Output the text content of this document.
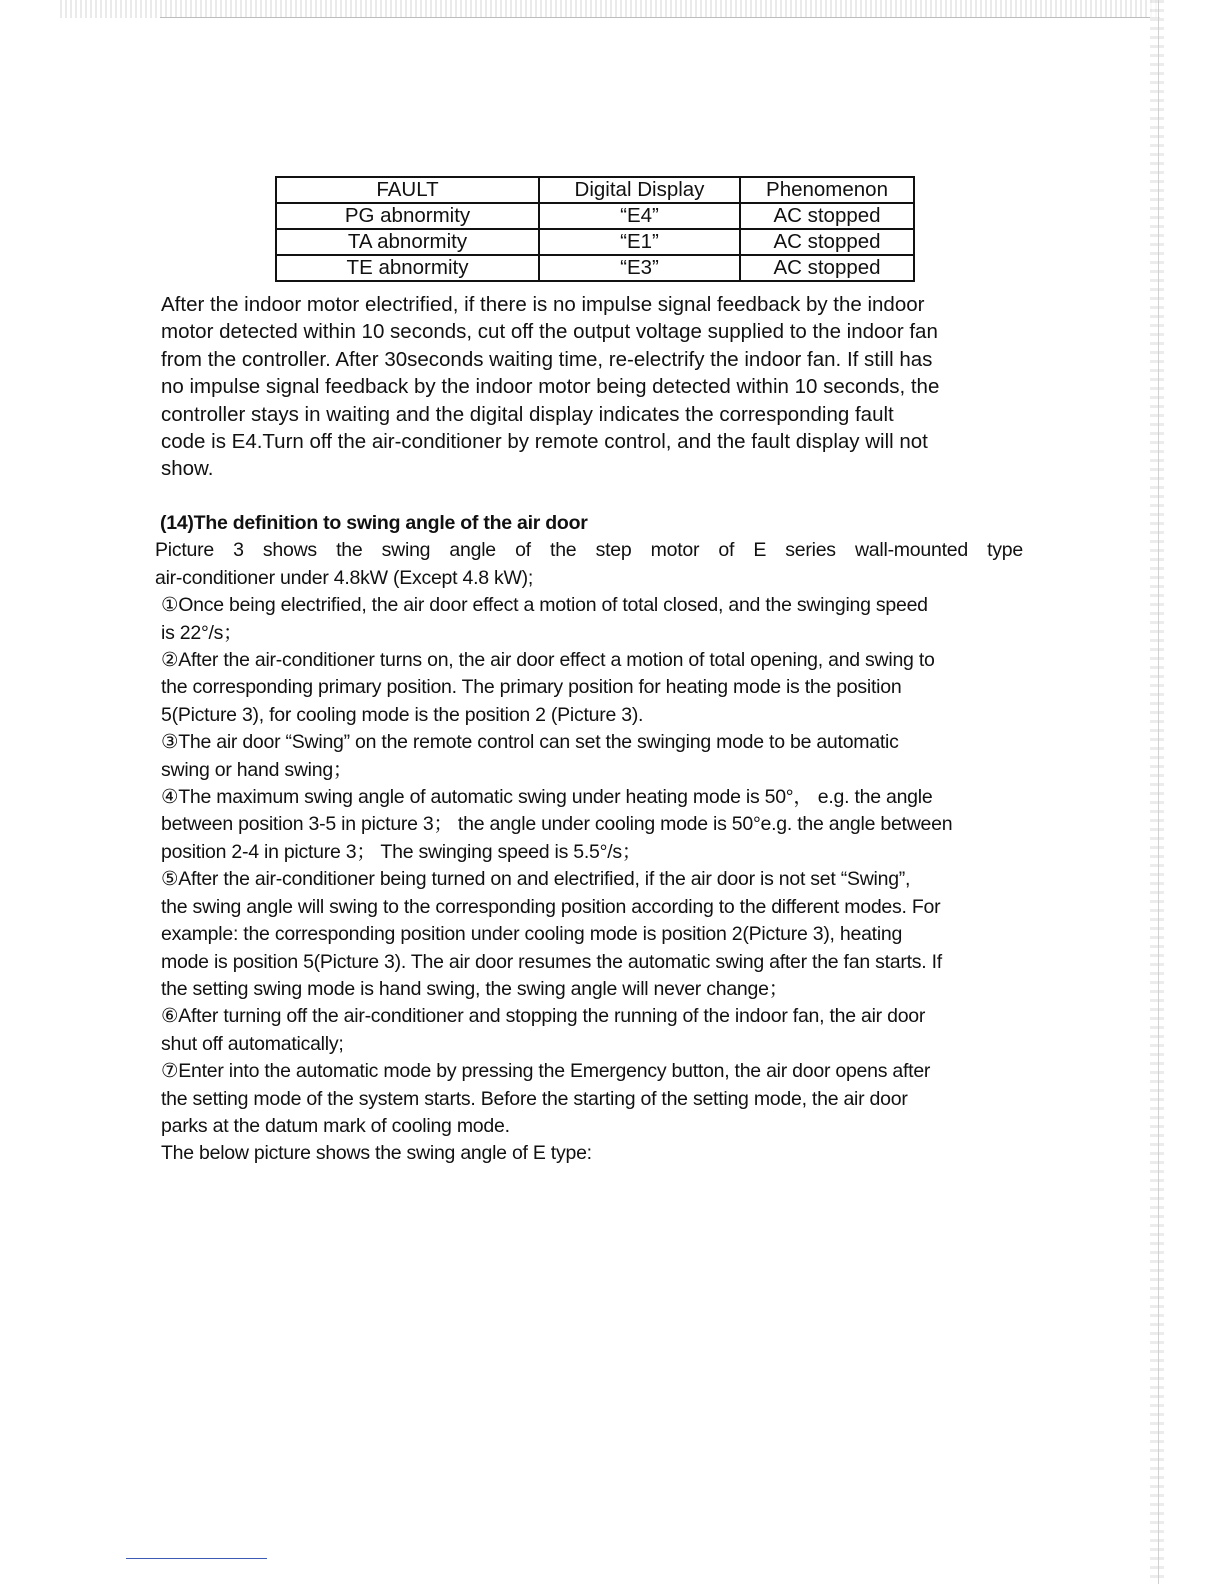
FAULT	Digital Display	Phenomenon
PG abnormity	“E4”	AC stopped
TA abnormity	“E1”	AC stopped
TE abnormity	“E3”	AC stopped
After the indoor motor electrified, if there is no impulse signal feedback by the indoor
motor detected within 10 seconds, cut off the output voltage supplied to the indoor fan
from the controller. After 30seconds waiting time, re-electrify the indoor fan. If still has
no impulse signal feedback by the indoor motor being detected within 10 seconds, the
controller stays in waiting and the digital display indicates the corresponding fault
code is E4.Turn off the air-conditioner by remote control, and the fault display will not
show.
(14)The definition to swing angle of the air door
Picture 3 shows the swing angle of the step motor of E series wall-mounted type
air-conditioner under 4.8kW (Except 4.8 kW);
①Once being electrified, the air door effect a motion of total closed, and the swinging speed
is 22°/s；
②After the air-conditioner turns on, the air door effect a motion of total opening, and swing to
the corresponding primary position. The primary position for heating mode is the position
5(Picture 3), for cooling mode is the position 2 (Picture 3).
③The air door “Swing” on the remote control can set the swinging mode to be automatic
swing or hand swing；
④The maximum swing angle of automatic swing under heating mode is 50°， e.g. the angle
between position 3-5 in picture 3； the angle under cooling mode is 50°e.g. the angle between
position 2-4 in picture 3； The swinging speed is 5.5°/s；
⑤After the air-conditioner being turned on and electrified, if the air door is not set “Swing”,
the swing angle will swing to the corresponding position according to the different modes. For
example: the corresponding position under cooling mode is position 2(Picture 3), heating
mode is position 5(Picture 3). The air door resumes the automatic swing after the fan starts. If
the setting swing mode is hand swing, the swing angle will never change；
⑥After turning off the air-conditioner and stopping the running of the indoor fan, the air door
shut off automatically;
⑦Enter into the automatic mode by pressing the Emergency button, the air door opens after
the setting mode of the system starts. Before the starting of the setting mode, the air door
parks at the datum mark of cooling mode.
The below picture shows the swing angle of E type:
